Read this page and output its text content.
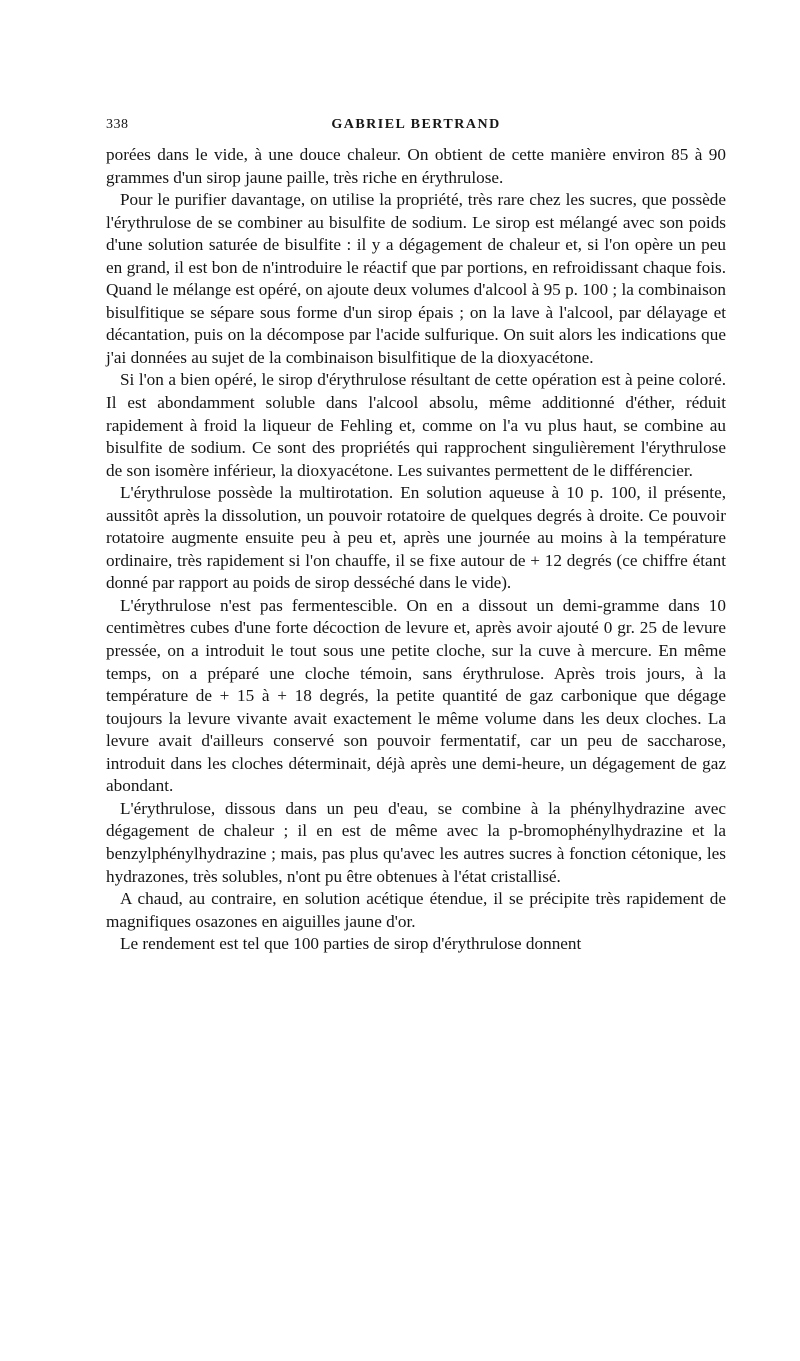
338	GABRIEL BERTRAND

porées dans le vide, à une douce chaleur. On obtient de cette manière environ 85 à 90 grammes d'un sirop jaune paille, très riche en érythrulose.

Pour le purifier davantage, on utilise la propriété, très rare chez les sucres, que possède l'érythrulose de se combiner au bisulfite de sodium. Le sirop est mélangé avec son poids d'une solution saturée de bisulfite : il y a dégagement de chaleur et, si l'on opère un peu en grand, il est bon de n'introduire le réactif que par portions, en refroidissant chaque fois. Quand le mélange est opéré, on ajoute deux volumes d'alcool à 95 p. 100 ; la combinaison bisulfitique se sépare sous forme d'un sirop épais ; on la lave à l'alcool, par délayage et décantation, puis on la décompose par l'acide sulfurique. On suit alors les indications que j'ai données au sujet de la combinaison bisulfitique de la dioxyacétone.

Si l'on a bien opéré, le sirop d'érythrulose résultant de cette opération est à peine coloré. Il est abondamment soluble dans l'alcool absolu, même additionné d'éther, réduit rapidement à froid la liqueur de Fehling et, comme on l'a vu plus haut, se combine au bisulfite de sodium. Ce sont des propriétés qui rapprochent singulièrement l'érythrulose de son isomère inférieur, la dioxyacétone. Les suivantes permettent de le différencier.

L'érythrulose possède la multirotation. En solution aqueuse à 10 p. 100, il présente, aussitôt après la dissolution, un pouvoir rotatoire de quelques degrés à droite. Ce pouvoir rotatoire augmente ensuite peu à peu et, après une journée au moins à la température ordinaire, très rapidement si l'on chauffe, il se fixe autour de + 12 degrés (ce chiffre étant donné par rapport au poids de sirop desséché dans le vide).

L'érythrulose n'est pas fermentescible. On en a dissout un demi-gramme dans 10 centimètres cubes d'une forte décoction de levure et, après avoir ajouté 0 gr. 25 de levure pressée, on a introduit le tout sous une petite cloche, sur la cuve à mercure. En même temps, on a préparé une cloche témoin, sans érythrulose. Après trois jours, à la température de + 15 à + 18 degrés, la petite quantité de gaz carbonique que dégage toujours la levure vivante avait exactement le même volume dans les deux cloches. La levure avait d'ailleurs conservé son pouvoir fermentatif, car un peu de saccharose, introduit dans les cloches déterminait, déjà après une demi-heure, un dégagement de gaz abondant.

L'érythrulose, dissous dans un peu d'eau, se combine à la phénylhydrazine avec dégagement de chaleur ; il en est de même avec la p-bromophénylhydrazine et la benzylphénylhydrazine ; mais, pas plus qu'avec les autres sucres à fonction cétonique, les hydrazones, très solubles, n'ont pu être obtenues à l'état cristallisé.

A chaud, au contraire, en solution acétique étendue, il se précipite très rapidement de magnifiques osazones en aiguilles jaune d'or.

Le rendement est tel que 100 parties de sirop d'érythrulose donnent
